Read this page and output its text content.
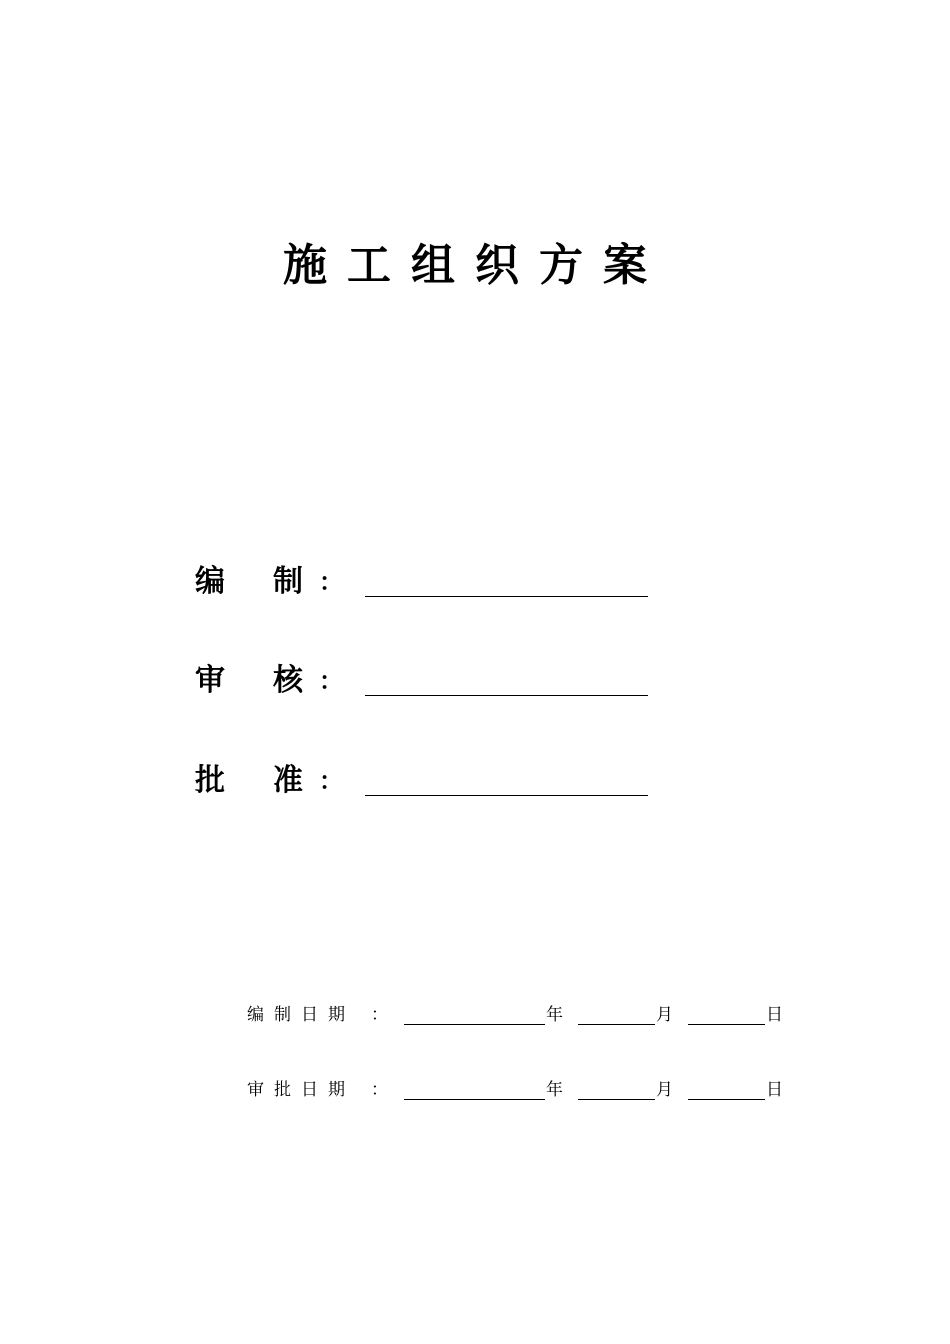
施工组织方案
编 制 ：
审 核 ：
批 准 ：
编制日期 ：	年	月	日
审批日期 ：	年	月	日
